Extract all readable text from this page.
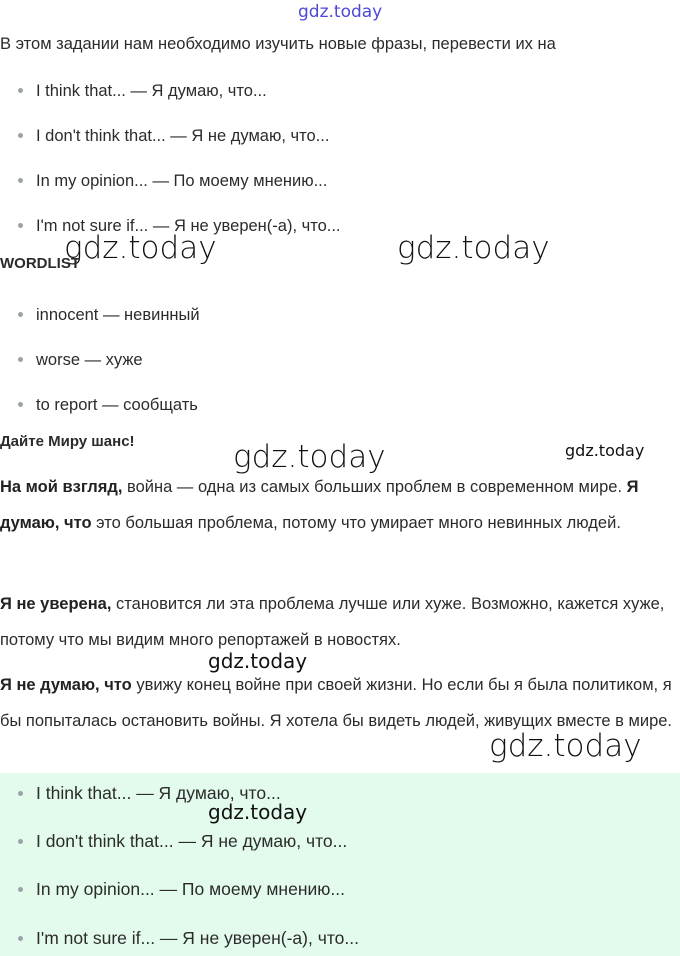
gdz.today
gdz.today	gdz.today
gdz.today	gdz.today
gdz.today
gdz.today
В этом задании нам необходимо изучить новые фразы, перевести их на
I think that... — Я думаю, что...
I don't think that... — Я не думаю, что...
In my opinion... — По моему мнению...
I'm not sure if... — Я не уверен(-а), что...
WORDLIST
innocent — невинный
worse — хуже
to report — сообщать
Дайте Миру шанс!

На мой взгляд, война — одна из самых больших проблем в современном мире. Я думаю, что это большая проблема, потому что умирает много невинных людей.

Я не уверена, становится ли эта проблема лучше или хуже. Возможно, кажется хуже, потому что мы видим много репортажей в новостях.

Я не думаю, что увижу конец войне при своей жизни. Но если бы я была политиком, я бы попыталась остановить войны. Я хотела бы видеть людей, живущих вместе в мире.

I think that... — Я думаю, что...
I don't think that... — Я не думаю, что...
In my opinion... — По моему мнению...
I'm not sure if... — Я не уверен(-а), что...
gdz.today
